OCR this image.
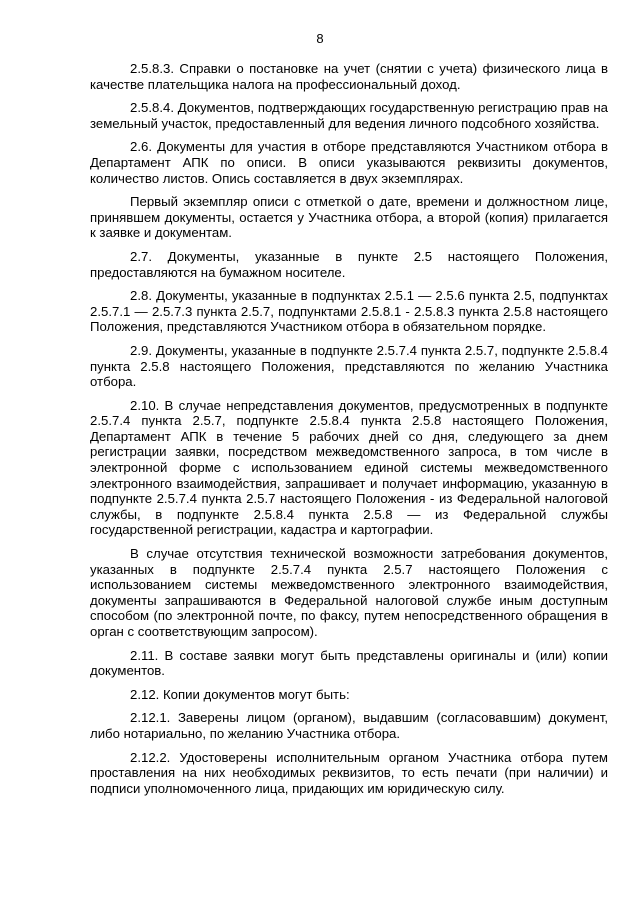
8

2.5.8.3. Справки о постановке на учет (снятии с учета) физического лица в качестве плательщика налога на профессиональный доход.

2.5.8.4. Документов, подтверждающих государственную регистрацию прав на земельный участок, предоставленный для ведения личного подсобного хозяйства.

2.6. Документы для участия в отборе представляются Участником отбора в Департамент АПК по описи. В описи указываются реквизиты документов, количество листов. Опись составляется в двух экземплярах.

Первый экземпляр описи с отметкой о дате, времени и должностном лице, принявшем документы, остается у Участника отбора, а второй (копия) прилагается к заявке и документам.

2.7. Документы, указанные в пункте 2.5 настоящего Положения, предоставляются на бумажном носителе.

2.8. Документы, указанные в подпунктах 2.5.1 — 2.5.6 пункта 2.5, подпунктах 2.5.7.1 — 2.5.7.3 пункта 2.5.7, подпунктами 2.5.8.1 - 2.5.8.3 пункта 2.5.8 настоящего Положения, представляются Участником отбора в обязательном порядке.

2.9. Документы, указанные в подпункте 2.5.7.4 пункта 2.5.7, подпункте 2.5.8.4 пункта 2.5.8 настоящего Положения, представляются по желанию Участника отбора.

2.10. В случае непредставления документов, предусмотренных в подпункте 2.5.7.4 пункта 2.5.7, подпункте 2.5.8.4 пункта 2.5.8 настоящего Положения, Департамент АПК в течение 5 рабочих дней со дня, следующего за днем регистрации заявки, посредством межведомственного запроса, в том числе в электронной форме с использованием единой системы межведомственного электронного взаимодействия, запрашивает и получает информацию, указанную в подпункте 2.5.7.4 пункта 2.5.7 настоящего Положения - из Федеральной налоговой службы, в подпункте 2.5.8.4 пункта 2.5.8 — из Федеральной службы государственной регистрации, кадастра и картографии.

В случае отсутствия технической возможности затребования документов, указанных в подпункте 2.5.7.4 пункта 2.5.7 настоящего Положения с использованием системы межведомственного электронного взаимодействия, документы запрашиваются в Федеральной налоговой службе иным доступным способом (по электронной почте, по факсу, путем непосредственного обращения в орган с соответствующим запросом).

2.11. В составе заявки могут быть представлены оригиналы и (или) копии документов.

2.12. Копии документов могут быть:

2.12.1. Заверены лицом (органом), выдавшим (согласовавшим) документ, либо нотариально, по желанию Участника отбора.

2.12.2. Удостоверены исполнительным органом Участника отбора путем проставления на них необходимых реквизитов, то есть печати (при наличии) и подписи уполномоченного лица, придающих им юридическую силу.
